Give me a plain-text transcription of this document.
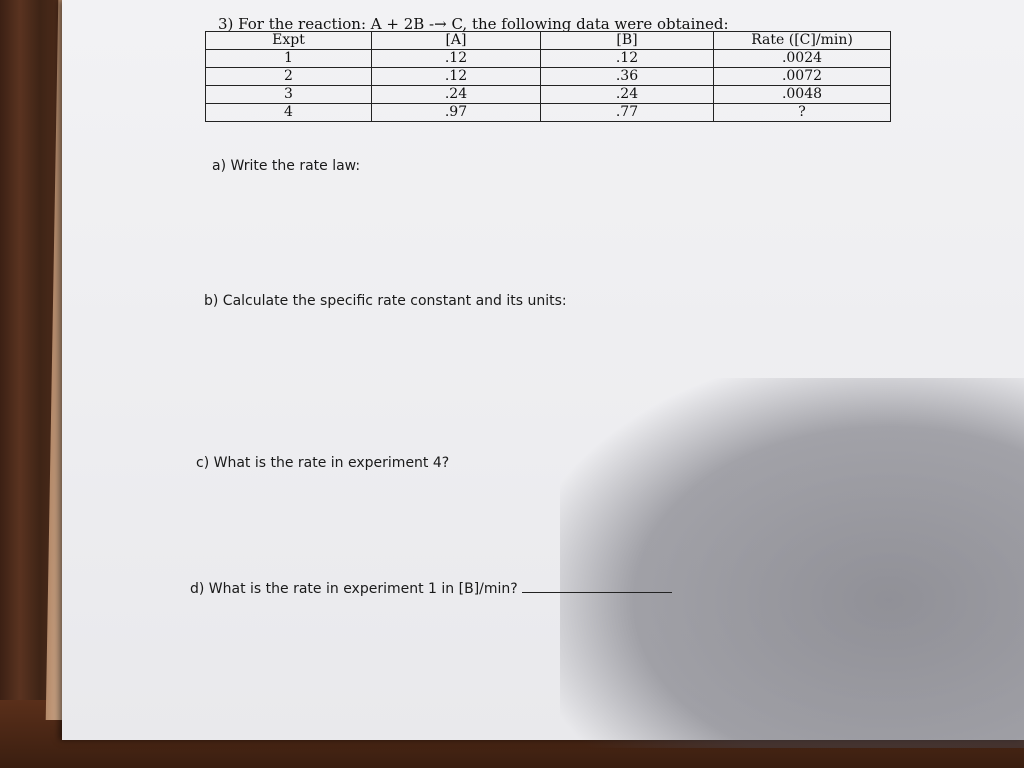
3) For the reaction: A + 2B -→ C, the following data were obtained:
Expt	[A]	[B]	Rate ([C]/min)
1	.12	.12	.0024
2	.12	.36	.0072
3	.24	.24	.0048
4	.97	.77	?
a) Write the rate law:
b) Calculate the specific rate constant and its units:
c) What is the rate in experiment 4?
d) What is the rate in experiment 1 in [B]/min?
